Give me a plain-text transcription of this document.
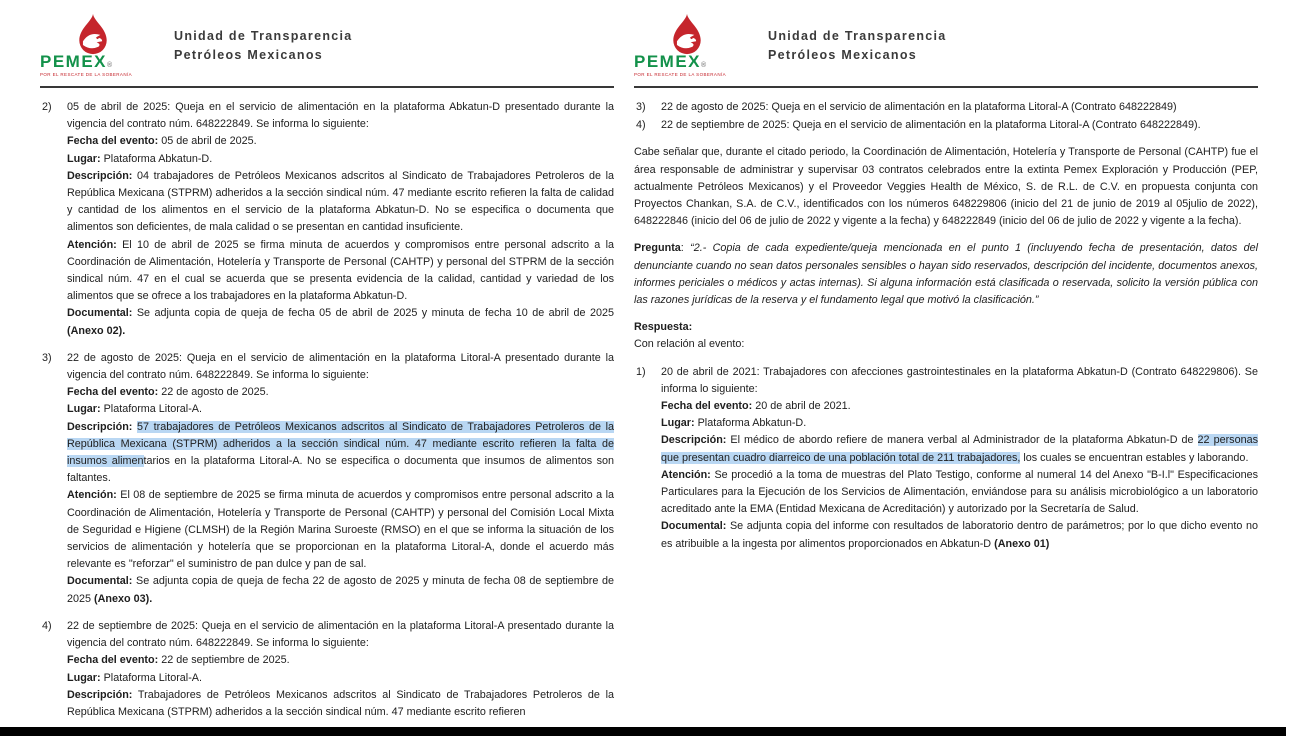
PEMEX®
POR EL RESCATE DE LA SOBERANÍA
Unidad de Transparencia
Petróleos Mexicanos
2) 05 de abril de 2025: Queja en el servicio de alimentación en la plataforma Abkatun-D presentado durante la vigencia del contrato núm. 648222849. Se informa lo siguiente:

Fecha del evento: 05 de abril de 2025.

Lugar: Plataforma Abkatun-D.

Descripción: 04 trabajadores de Petróleos Mexicanos adscritos al Sindicato de Trabajadores Petroleros de la República Mexicana (STPRM) adheridos a la sección sindical núm. 47 mediante escrito refieren la falta de calidad y cantidad de los alimentos en el servicio de la plataforma Abkatun-D. No se especifica o documenta que alimentos son deficientes, de mala calidad o se presentan en cantidad insuficiente.

Atención: El 10 de abril de 2025 se firma minuta de acuerdos y compromisos entre personal adscrito a la Coordinación de Alimentación, Hotelería y Transporte de Personal (CAHTP) y personal del STPRM de la sección sindical núm. 47 en el cual se acuerda que se presenta evidencia de la calidad, cantidad y variedad de los alimentos que se ofrece a los trabajadores en la plataforma Abkatun-D.

Documental: Se adjunta copia de queja de fecha 05 de abril de 2025 y minuta de fecha 10 de abril de 2025 (Anexo 02).

3) 22 de agosto de 2025: Queja en el servicio de alimentación en la plataforma Litoral-A presentado durante la vigencia del contrato núm. 648222849. Se informa lo siguiente:

Fecha del evento: 22 de agosto de 2025.

Lugar: Plataforma Litoral-A.

Descripción: 57 trabajadores de Petróleos Mexicanos adscritos al Sindicato de Trabajadores Petroleros de la República Mexicana (STPRM) adheridos a la sección sindical núm. 47 mediante escrito refieren la falta de insumos alimentarios en la plataforma Litoral-A. No se especifica o documenta que insumos de alimentos son faltantes.

Atención: El 08 de septiembre de 2025 se firma minuta de acuerdos y compromisos entre personal adscrito a la Coordinación de Alimentación, Hotelería y Transporte de Personal (CAHTP) y personal del Comisión Local Mixta de Seguridad e Higiene (CLMSH) de la Región Marina Suroeste (RMSO) en el que se informa la situación de los servicios de alimentación y hotelería que se proporcionan en la plataforma Litoral-A, donde el acuerdo más relevante es "reforzar" el suministro de pan dulce y pan de sal.

Documental: Se adjunta copia de queja de fecha 22 de agosto de 2025 y minuta de fecha 08 de septiembre de 2025 (Anexo 03).

4) 22 de septiembre de 2025: Queja en el servicio de alimentación en la plataforma Litoral-A presentado durante la vigencia del contrato núm. 648222849. Se informa lo siguiente:

Fecha del evento: 22 de septiembre de 2025.

Lugar: Plataforma Litoral-A.

Descripción: Trabajadores de Petróleos Mexicanos adscritos al Sindicato de Trabajadores Petroleros de la República Mexicana (STPRM) adheridos a la sección sindical núm. 47 mediante escrito refieren

PEMEX®
POR EL RESCATE DE LA SOBERANÍA
Unidad de Transparencia
Petróleos Mexicanos
3) 22 de agosto de 2025: Queja en el servicio de alimentación en la plataforma Litoral-A (Contrato 648222849)

4) 22 de septiembre de 2025: Queja en el servicio de alimentación en la plataforma Litoral-A (Contrato 648222849).

Cabe señalar que, durante el citado periodo, la Coordinación de Alimentación, Hotelería y Transporte de Personal (CAHTP) fue el área responsable de administrar y supervisar 03 contratos celebrados entre la extinta Pemex Exploración y Producción (PEP, actualmente Petróleos Mexicanos) y el Proveedor Veggies Health de México, S. de R.L. de C.V. en propuesta conjunta con Proyectos Chankan, S.A. de C.V., identificados con los números 648229806 (inicio del 21 de junio de 2019 al 05julio de 2022), 648222846 (inicio del 06 de julio de 2022 y vigente a la fecha) y 648222849 (inicio del 06 de julio de 2022 y vigente a la fecha).

Pregunta: “2.- Copia de cada expediente/queja mencionada en el punto 1 (incluyendo fecha de presentación, datos del denunciante cuando no sean datos personales sensibles o hayan sido reservados, descripción del incidente, documentos anexos, informes periciales o médicos y actas internas). Si alguna información está clasificada o reservada, solicito la versión pública con las razones jurídicas de la reserva y el fundamento legal que motivó la clasificación.”

Respuesta:

Con relación al evento:

1) 20 de abril de 2021: Trabajadores con afecciones gastrointestinales en la plataforma Abkatun-D (Contrato 648229806). Se informa lo siguiente:

Fecha del evento: 20 de abril de 2021.

Lugar: Plataforma Abkatun-D.

Descripción: El médico de abordo refiere de manera verbal al Administrador de la plataforma Abkatun-D de 22 personas que presentan cuadro diarreico de una población total de 211 trabajadores, los cuales se encuentran estables y laborando.

Atención: Se procedió a la toma de muestras del Plato Testigo, conforme al numeral 14 del Anexo "B-I.l" Especificaciones Particulares para la Ejecución de los Servicios de Alimentación, enviándose para su análisis microbiológico a un laboratorio acreditado ante la EMA (Entidad Mexicana de Acreditación) y autorizado por la Secretaría de Salud.

Documental: Se adjunta copia del informe con resultados de laboratorio dentro de parámetros; por lo que dicho evento no es atribuible a la ingesta por alimentos proporcionados en Abkatun-D (Anexo 01)
